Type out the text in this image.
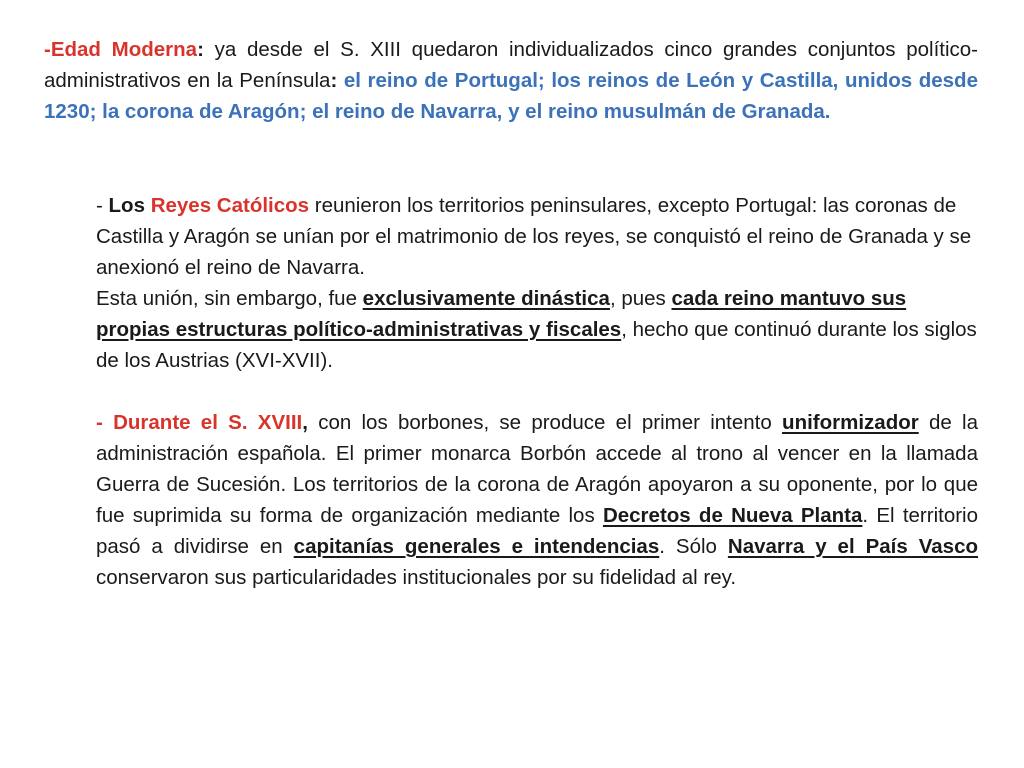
-Edad Moderna: ya desde el S. XIII quedaron individualizados cinco grandes conjuntos político-administrativos en la Península: el reino de Portugal; los reinos de León y Castilla, unidos desde 1230; la corona de Aragón; el reino de Navarra, y el reino musulmán de Granada.

- Los Reyes Católicos reunieron los territorios peninsulares, excepto Portugal: las coronas de Castilla y Aragón se unían por el matrimonio de los reyes, se conquistó el reino de Granada y se anexionó el reino de Navarra.

Esta unión, sin embargo, fue exclusivamente dinástica, pues cada reino mantuvo sus propias estructuras político-administrativas y fiscales, hecho que continuó durante los siglos de los Austrias (XVI-XVII).

- Durante el S. XVIII, con los borbones, se produce el primer intento uniformizador de la administración española. El primer monarca Borbón accede al trono al vencer en la llamada Guerra de Sucesión. Los territorios de la corona de Aragón apoyaron a su oponente, por lo que fue suprimida su forma de organización mediante los Decretos de Nueva Planta. El territorio pasó a dividirse en capitanías generales e intendencias. Sólo Navarra y el País Vasco conservaron sus particularidades institucionales por su fidelidad al rey.
